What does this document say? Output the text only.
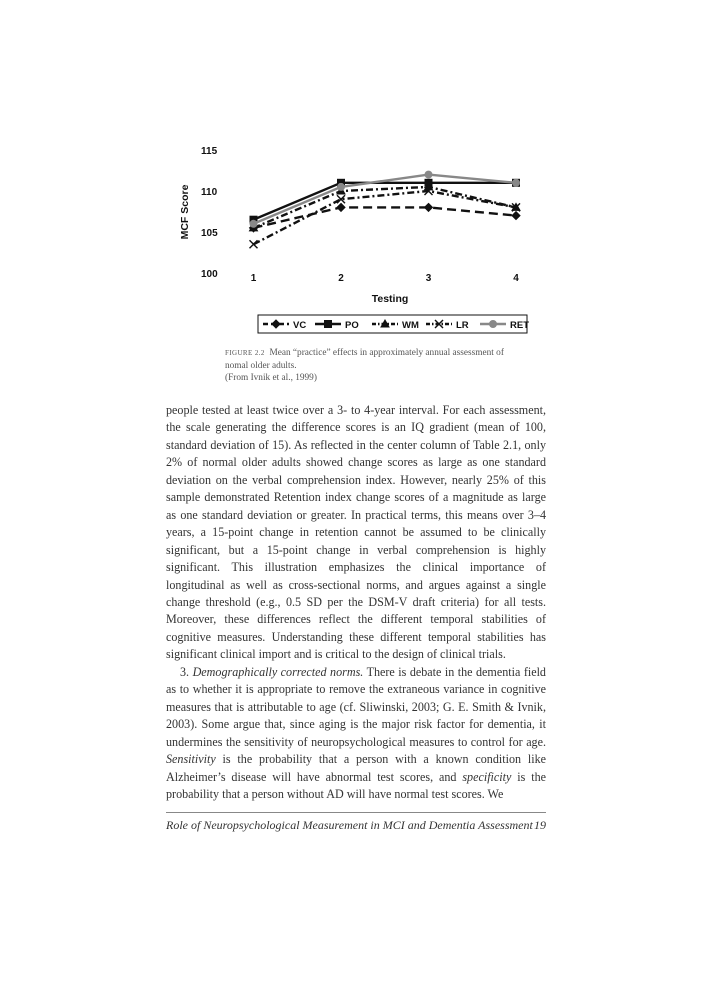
MCF Score
100
105
110
115
1	2	3	4
Testing
VC	PO	WM	LR	RET

FIGURE 2.2 Mean “practice” effects in approximately annual assessment of nomal older adults.

(From Ivnik et al., 1999)

people tested at least twice over a 3- to 4-year interval. For each assessment, the scale generating the difference scores is an IQ gradient (mean of 100, standard deviation of 15). As reflected in the center column of Table 2.1, only 2% of normal older adults showed change scores as large as one standard deviation on the verbal comprehension index. However, nearly 25% of this sample demonstrated Retention index change scores of a magnitude as large as one standard deviation or greater. In practical terms, this means over 3–4 years, a 15-point change in retention cannot be assumed to be clinically significant, but a 15-point change in verbal comprehension is highly significant. This illustration emphasizes the clinical importance of longitudinal as well as cross-sectional norms, and argues against a single change threshold (e.g., 0.5 SD per the DSM-V draft criteria) for all tests. Moreover, these differences reflect the different temporal stabilities of cognitive measures. Understanding these different temporal stabilities has significant clinical import and is critical to the design of clinical trials.

3. Demographically corrected norms. There is debate in the dementia field as to whether it is appropriate to remove the extraneous variance in cognitive measures that is attributable to age (cf. Sliwinski, 2003; G. E. Smith & Ivnik, 2003). Some argue that, since aging is the major risk factor for dementia, it undermines the sensitivity of neuropsychological measures to control for age. Sensitivity is the probability that a person with a known condition like Alzheimer’s disease will have abnormal test scores, and specificity is the probability that a person without AD will have normal test scores. We

Role of Neuropsychological Measurement in MCI and Dementia Assessment 19
